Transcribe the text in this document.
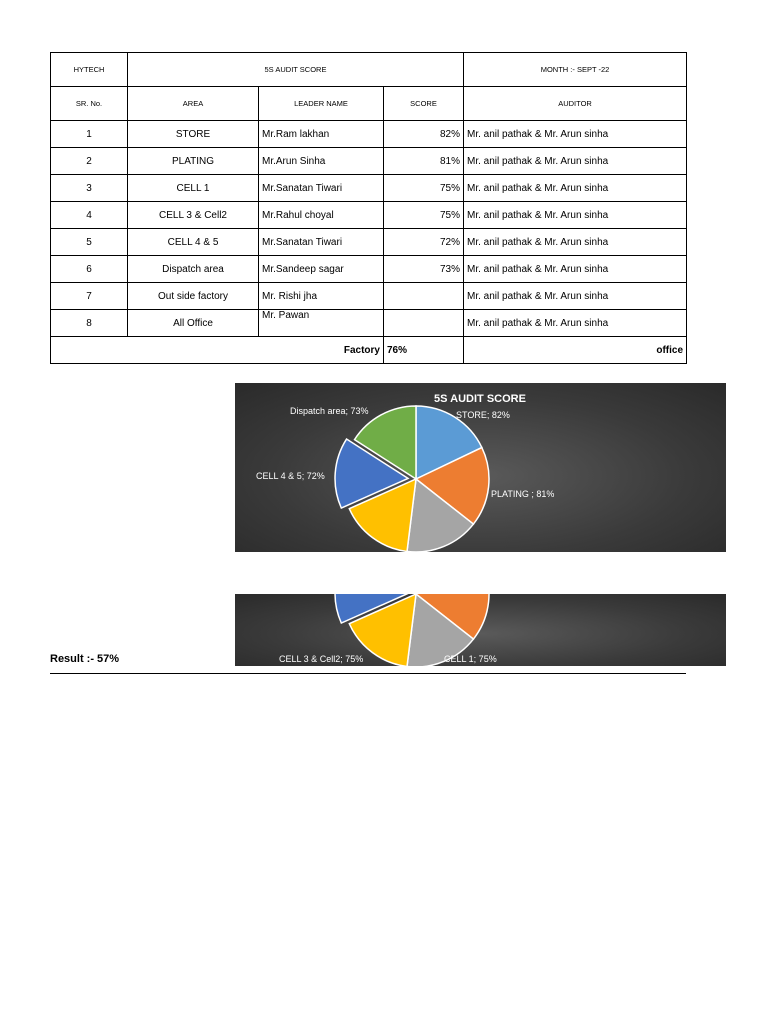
HYTECH	5S AUDIT SCORE			MONTH :- SEPT -22
SR. No.	AREA	LEADER NAME	SCORE	AUDITOR
1	STORE	Mr.Ram lakhan	82%	Mr. anil pathak & Mr. Arun sinha
2	PLATING	Mr.Arun Sinha	81%	Mr. anil pathak & Mr. Arun sinha
3	CELL 1	Mr.Sanatan Tiwari	75%	Mr. anil pathak & Mr. Arun sinha
4	CELL 3 & Cell2	Mr.Rahul choyal	75%	Mr. anil pathak & Mr. Arun sinha
5	CELL 4 & 5	Mr.Sanatan Tiwari	72%	Mr. anil pathak & Mr. Arun sinha
6	Dispatch area	Mr.Sandeep sagar	73%	Mr. anil pathak & Mr. Arun sinha
7	Out side factory	Mr. Rishi jha		Mr. anil pathak & Mr. Arun sinha
8	All Office	Mr. Pawan		Mr. anil pathak & Mr. Arun sinha
Factory			76%	office
5S AUDIT SCORE
STORE; 82%
PLATING ; 81%
CELL 4 & 5; 72%
Dispatch area; 73%
CELL 3 & Cell2; 75%	CELL 1; 75%
Result :- 57%
